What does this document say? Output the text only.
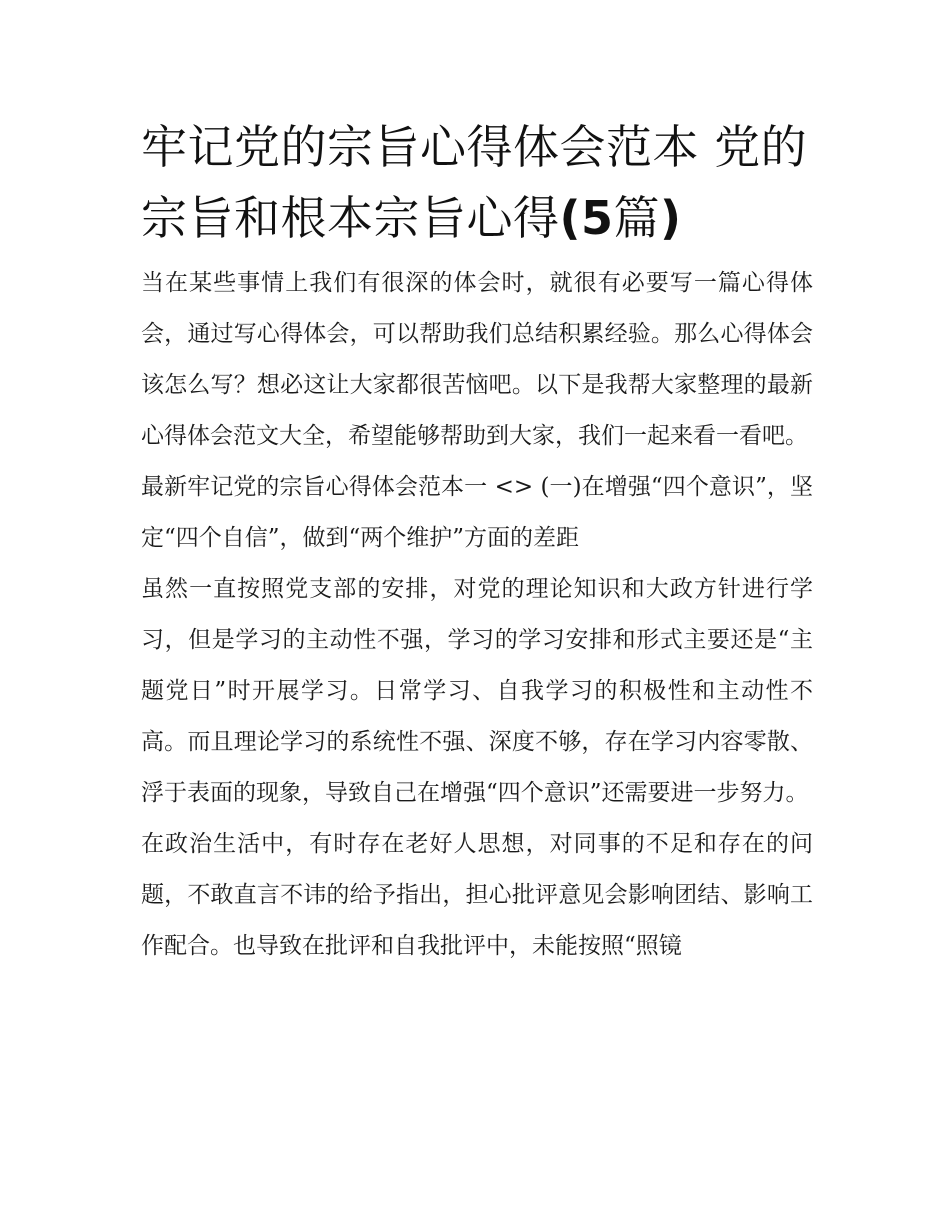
牢记党的宗旨心得体会范本 党的宗旨和根本宗旨心得(5篇)

当在某些事情上我们有很深的体会时，就很有必要写一篇心得体会，通过写心得体会，可以帮助我们总结积累经验。那么心得体会该怎么写？想必这让大家都很苦恼吧。以下是我帮大家整理的最新心得体会范文大全，希望能够帮助到大家，我们一起来看一看吧。

最新牢记党的宗旨心得体会范本一 <> (一)在增强“四个意识”，坚定“四个自信”，做到“两个维护”方面的差距

虽然一直按照党支部的安排，对党的理论知识和大政方针进行学习，但是学习的主动性不强，学习的学习安排和形式主要还是“主题党日”时开展学习。日常学习、自我学习的积极性和主动性不高。而且理论学习的系统性不强、深度不够，存在学习内容零散、浮于表面的现象，导致自己在增强“四个意识”还需要进一步努力。

在政治生活中，有时存在老好人思想，对同事的不足和存在的问题，不敢直言不讳的给予指出，担心批评意见会影响团结、影响工作配合。也导致在批评和自我批评中，未能按照“照镜
